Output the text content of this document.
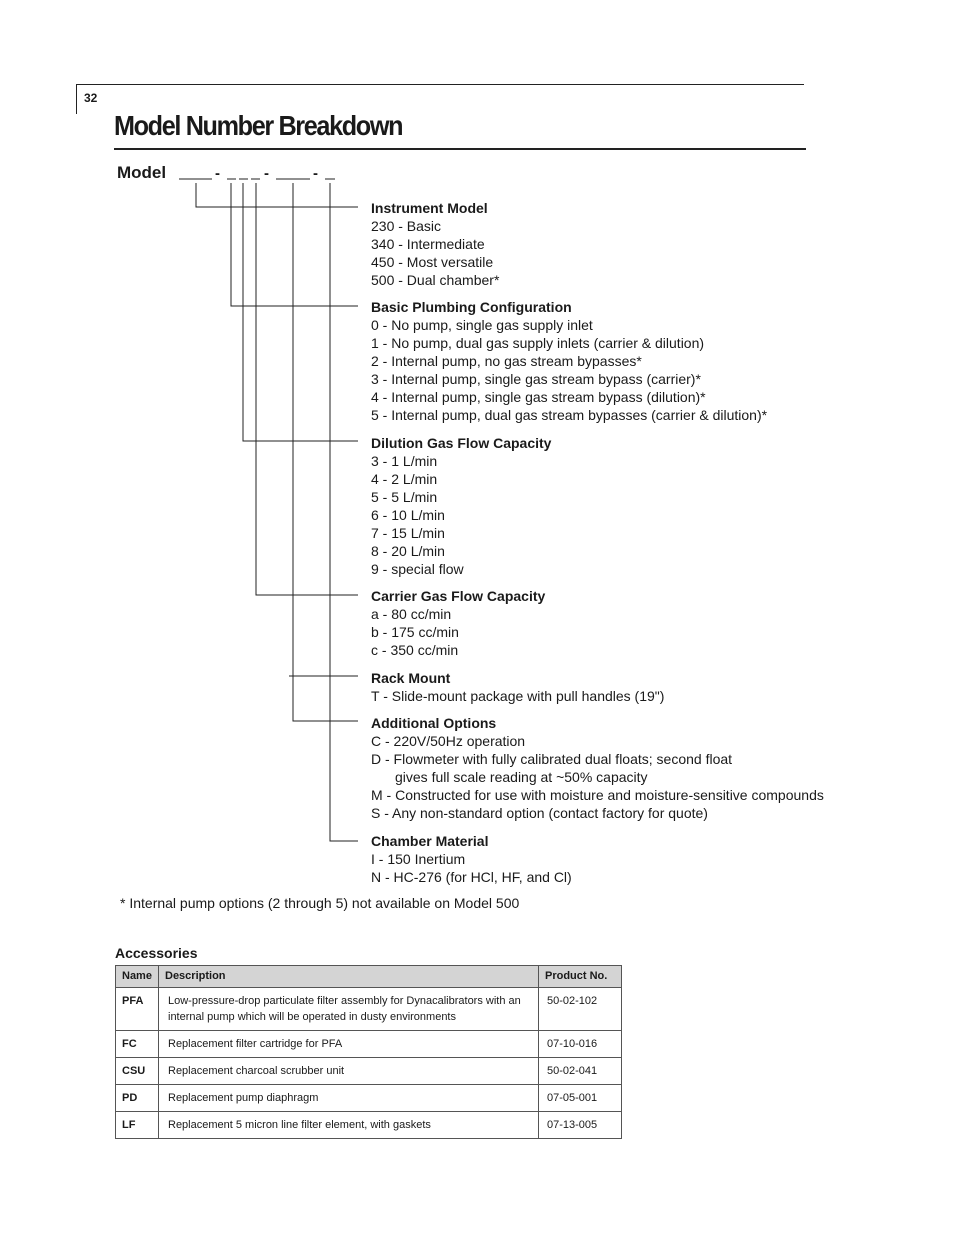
32
Model Number Breakdown
Model	-	-	-
Instrument Model
230 - Basic
340 - Intermediate
450 - Most versatile
500 - Dual chamber*
Basic Plumbing Configuration
0 - No pump, single gas supply inlet
1 - No pump, dual gas supply inlets (carrier & dilution)
2 - Internal pump, no gas stream bypasses*
3 - Internal pump, single gas stream bypass (carrier)*
4 - Internal pump, single gas stream bypass (dilution)*
5 - Internal pump, dual gas stream bypasses (carrier & dilution)*
Dilution Gas Flow Capacity
3 - 1 L/min
4 - 2 L/min
5 - 5 L/min
6 - 10 L/min
7 - 15 L/min
8 - 20 L/min
9 - special flow
Carrier Gas Flow Capacity
a - 80 cc/min
b - 175 cc/min
c - 350 cc/min
Rack Mount
T - Slide-mount package with pull handles (19")
Additional Options
C - 220V/50Hz operation
D - Flowmeter with fully calibrated dual floats; second float
gives full scale reading at ~50% capacity
M - Constructed for use with moisture and moisture-sensitive compounds
S - Any non-standard option (contact factory for quote)
Chamber Material
I - 150 Inertium
N - HC-276 (for HCl, HF, and Cl)
* Internal pump options (2 through 5) not available on Model 500
Accessories
Name	Description	Product No.
PFA	Low-pressure-drop particulate filter assembly for Dynacalibrators with an internal pump which will be operated in dusty environments	50-02-102
FC	Replacement filter cartridge for PFA	07-10-016
CSU	Replacement charcoal scrubber unit	50-02-041
PD	Replacement pump diaphragm	07-05-001
LF	Replacement 5 micron line filter element, with gaskets	07-13-005
